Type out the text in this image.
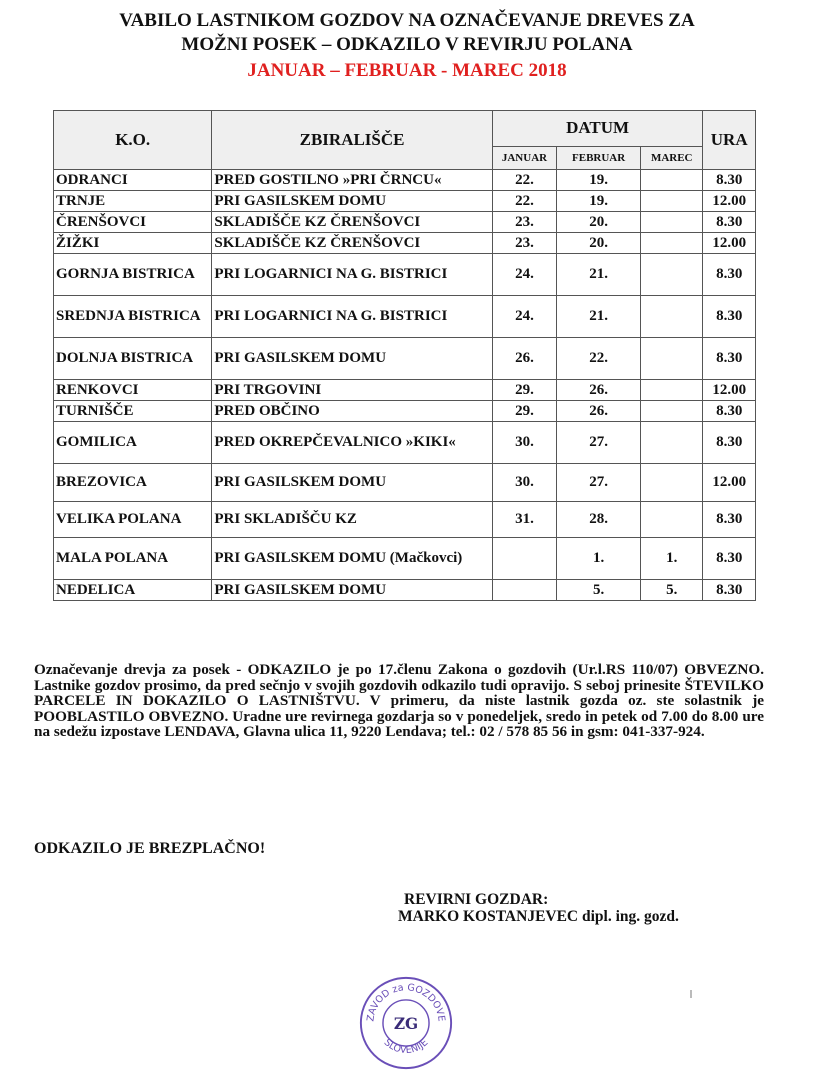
VABILO LASTNIKOM GOZDOV NA OZNAČEVANJE DREVES ZA
MOŽNI POSEK – ODKAZILO V REVIRJU POLANA
JANUAR – FEBRUAR - MAREC 2018
K.O.	ZBIRALIŠČE	DATUM			URA
		JANUAR	FEBRUAR	MAREC	
ODRANCI	PRED GOSTILNO »PRI ČRNCU«	22.	19.		8.30
TRNJE	PRI GASILSKEM DOMU	22.	19.		12.00
ČRENŠOVCI	SKLADIŠČE KZ ČRENŠOVCI	23.	20.		8.30
ŽIŽKI	SKLADIŠČE KZ ČRENŠOVCI	23.	20.		12.00
GORNJA BISTRICA	PRI LOGARNICI NA G. BISTRICI	24.	21.		8.30
SREDNJA BISTRICA	PRI LOGARNICI NA G. BISTRICI	24.	21.		8.30
DOLNJA BISTRICA	PRI GASILSKEM DOMU	26.	22.		8.30
RENKOVCI	PRI TRGOVINI	29.	26.		12.00
TURNIŠČE	PRED OBČINO	29.	26.		8.30
GOMILICA	PRED OKREPČEVALNICO »KIKI«	30.	27.		8.30
BREZOVICA	PRI GASILSKEM DOMU	30.	27.		12.00
VELIKA POLANA	PRI SKLADIŠČU KZ	31.	28.		8.30
MALA POLANA	PRI GASILSKEM DOMU (Mačkovci)		1.	1.	8.30
NEDELICA	PRI GASILSKEM DOMU		5.	5.	8.30
Označevanje drevja za posek - ODKAZILO je po 17.členu Zakona o gozdovih (Ur.l.RS 110/07) OBVEZNO. Lastnike gozdov prosimo, da pred sečnjo v svojih gozdovih odkazilo tudi opravijo. S seboj prinesite ŠTEVILKO PARCELE IN DOKAZILO O LASTNIŠTVU. V primeru, da niste lastnik gozda oz. ste solastnik je POOBLASTILO OBVEZNO. Uradne ure revirnega gozdarja so v ponedeljek, sredo in petek od 7.00 do 8.00 ure na sedežu izpostave LENDAVA, Glavna ulica 11, 9220 Lendava; tel.: 02 / 578 85 56 in gsm: 041-337-924.
ODKAZILO JE BREZPLAČNO!
REVIRNI GOZDAR:
MARKO KOSTANJEVEC dipl. ing. gozd.
ZAVOD za GOZDOVE
SLOVENIJE
ZG
